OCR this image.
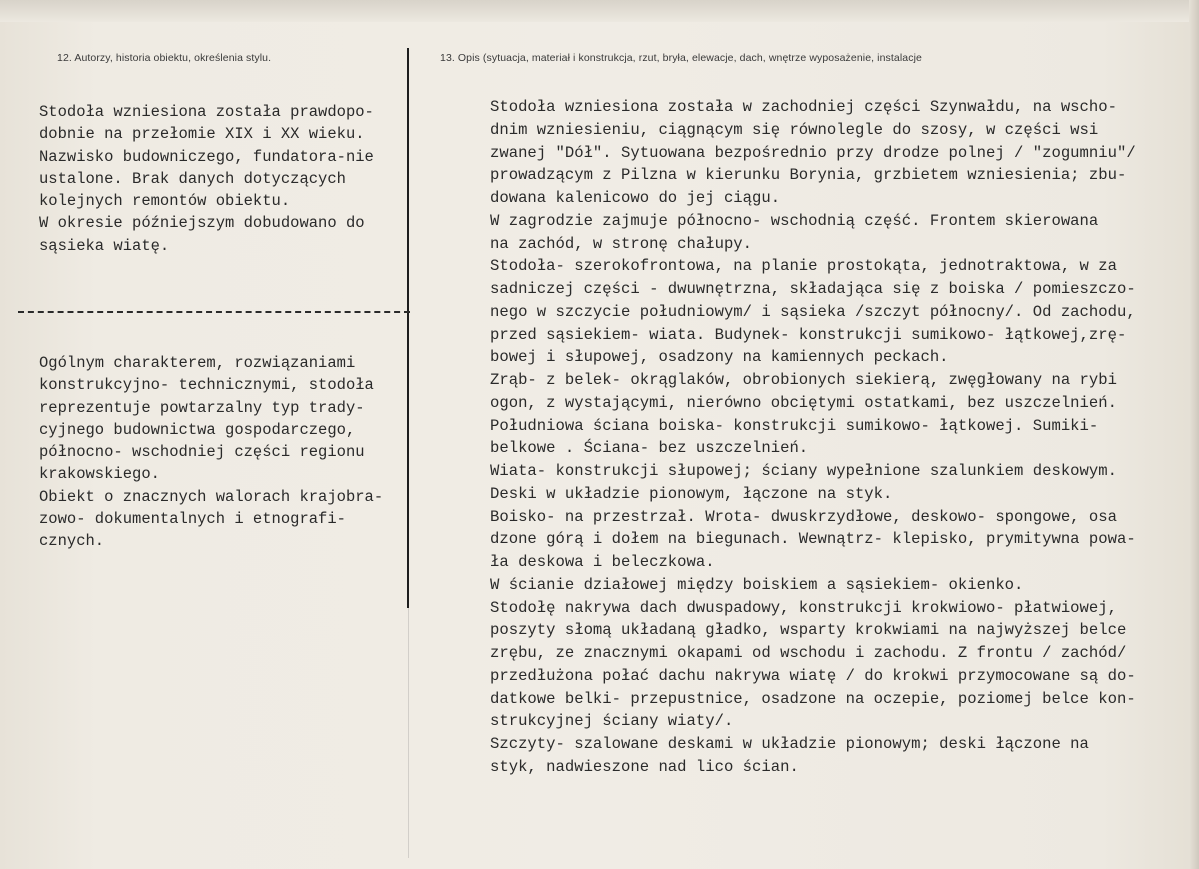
12. Autorzy, historia obiektu, określenia stylu.	13. Opis (sytuacja, materiał i konstrukcja, rzut, bryła, elewacje, dach, wnętrze wyposażenie, instalacje
Stodoła wzniesiona została prawdopo-
dobnie na przełomie XIX i XX wieku.
Nazwisko budowniczego, fundatora-nie
ustalone. Brak danych dotyczących
kolejnych remontów obiektu.
W okresie późniejszym dobudowano do
sąsieka wiatę.
Ogólnym charakterem, rozwiązaniami
konstrukcyjno- technicznymi, stodoła
reprezentuje powtarzalny typ trady-
cyjnego budownictwa gospodarczego,
północno- wschodniej części regionu
krakowskiego.
Obiekt o znacznych walorach krajobra-
zowo- dokumentalnych i etnografi-
cznych.
Stodoła wzniesiona została w zachodniej części Szynwałdu, na wscho-
dnim wzniesieniu, ciągnącym się równolegle do szosy, w części wsi
zwanej "Dół". Sytuowana bezpośrednio przy drodze polnej / "zogumniu"/
prowadzącym z Pilzna w kierunku Borynia, grzbietem wzniesienia; zbu-
dowana kalenicowo do jej ciągu.
W zagrodzie zajmuje północno- wschodnią część. Frontem skierowana
na zachód, w stronę chałupy.
Stodoła- szerokofrontowa, na planie prostokąta, jednotraktowa, w za
sadniczej części - dwuwnętrzna, składająca się z boiska / pomieszczo-
nego w szczycie południowym/ i sąsieka /szczyt północny/. Od zachodu,
przed sąsiekiem- wiata. Budynek- konstrukcji sumikowo- łątkowej,zrę-
bowej i słupowej, osadzony na kamiennych peckach.
Zrąb- z belek- okrąglaków, obrobionych siekierą, zwęgłowany na rybi
ogon, z wystającymi, nierówno obciętymi ostatkami, bez uszczelnień.
Południowa ściana boiska- konstrukcji sumikowo- łątkowej. Sumiki-
belkowe . Ściana- bez uszczelnień.
Wiata- konstrukcji słupowej; ściany wypełnione szalunkiem deskowym.
Deski w układzie pionowym, łączone na styk.
Boisko- na przestrzał. Wrota- dwuskrzydłowe, deskowo- spongowe, osa
dzone górą i dołem na biegunach. Wewnątrz- klepisko, prymitywna powa-
ła deskowa i beleczkowa.
W ścianie działowej między boiskiem a sąsiekiem- okienko.
Stodołę nakrywa dach dwuspadowy, konstrukcji krokwiowo- płatwiowej,
poszyty słomą układaną gładko, wsparty krokwiami na najwyższej belce
zrębu, ze znacznymi okapami od wschodu i zachodu. Z frontu / zachód/
przedłużona połać dachu nakrywa wiatę / do krokwi przymocowane są do-
datkowe belki- przepustnice, osadzone na oczepie, poziomej belce kon-
strukcyjnej ściany wiaty/.
Szczyty- szalowane deskami w układzie pionowym; deski łączone na
styk, nadwieszone nad lico ścian.
